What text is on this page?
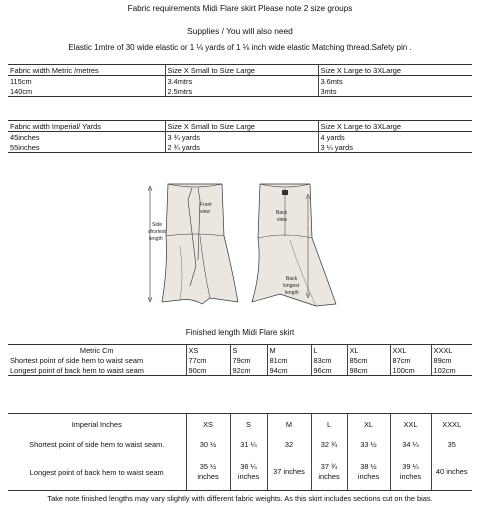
Fabric requirements Midi Flare skirt Please note 2 size groups
Supplies / You will also need
Elastic 1mtre of 30 wide elastic or 1 ⅛ yards of 1 ⅛ inch wide elastic Matching thread.Safety pin .
Fabric width Metric /metres	Size X Small to Size Large	Size X Large to 3XLarge
115cm	3.4mtrs	3.6mts
140cm	2.5mtrs	3mts
Fabric width Imperial/ Yards	Size X Small to Size Large	Size X Large to 3XLarge
45inches	3 ¾ yards	4 yards
55inches	2 ¾ yards	3 ¼ yards
Front
view
Side
shortest
length
Back
view
Back
longest
length
Finished length Midi Flare skirt
Metric Cm	XS	S	M	L	XL	XXL	XXXL
Shortest point of side hem to waist seam	77cm	79cm	81cm	83cm	85cm	87cm	89cm
Longest point of back hem to waist seam	90cm	92cm	94cm	96cm	98cm	100cm	102cm
Imperial Inches	XS	S	M	L	XL	XXL	XXXL
Shortest point of side hem to waist seam.	30 ½	31 ¼	32	32 ¾	33 ½	34 ¼	35
Longest point of back hem to waist seam	35 ½ inches	36 ¼ inches	37 inches	37 ¾ inches	38 ½ inches	39 ¼ inches	40 inches
Take note finished lengths may vary slightly with different fabric weights. As this skirt includes sections cut on the bias.
